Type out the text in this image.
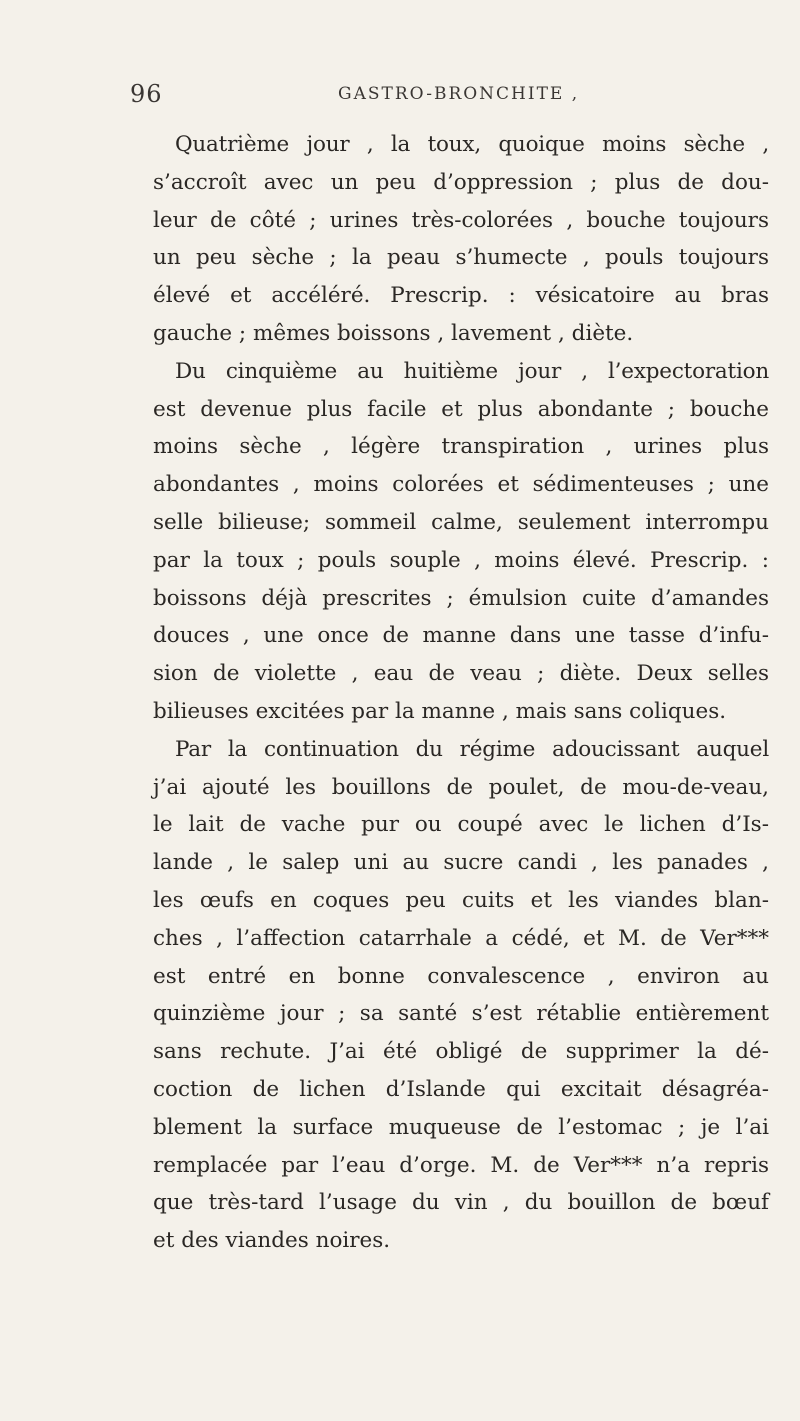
96	GASTRO-BRONCHITE ,

Quatrième jour , la toux, quoique moins sèche ,
s’accroît avec un peu d’oppression ; plus de dou-
leur de côté ; urines très-colorées , bouche toujours
un peu sèche ; la peau s’humecte , pouls toujours
élevé et accéléré. Prescrip. : vésicatoire au bras
gauche ; mêmes boissons , lavement , diète.

Du cinquième au huitième jour , l’expectoration
est devenue plus facile et plus abondante ; bouche
moins sèche , légère transpiration , urines plus
abondantes , moins colorées et sédimenteuses ; une
selle bilieuse; sommeil calme, seulement interrompu
par la toux ; pouls souple , moins élevé. Prescrip. :
boissons déjà prescrites ; émulsion cuite d’amandes
douces , une once de manne dans une tasse d’infu-
sion de violette , eau de veau ; diète. Deux selles
bilieuses excitées par la manne , mais sans coliques.

Par la continuation du régime adoucissant auquel
j’ai ajouté les bouillons de poulet, de mou-de-veau,
le lait de vache pur ou coupé avec le lichen d’Is-
lande , le salep uni au sucre candi , les panades ,
les œufs en coques peu cuits et les viandes blan-
ches , l’affection catarrhale a cédé, et M. de Ver***
est entré en bonne convalescence , environ au
quinzième jour ; sa santé s’est rétablie entièrement
sans rechute. J’ai été obligé de supprimer la dé-
coction de lichen d’Islande qui excitait désagréa-
blement la surface muqueuse de l’estomac ; je l’ai
remplacée par l’eau d’orge. M. de Ver*** n’a repris
que très-tard l’usage du vin , du bouillon de bœuf
et des viandes noires.
